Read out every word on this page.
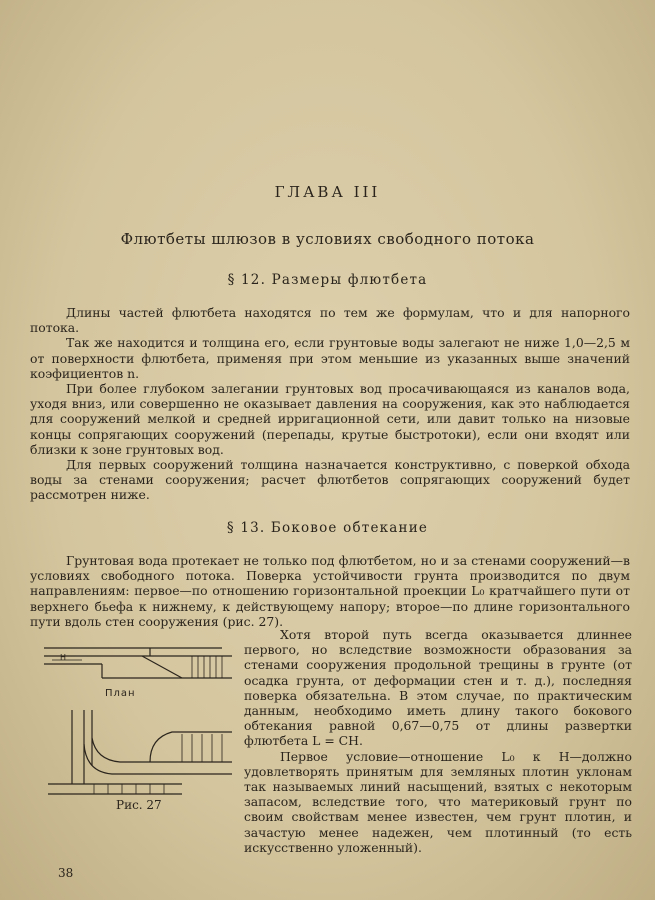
ГЛАВА III
Флютбеты шлюзов в условиях свободного потока
§ 12. Размеры флютбета

Длины частей флютбета находятся по тем же формулам, что и для напорного потока.

Так же находится и толщина его, если грунтовые воды залегают не ниже 1,0—2,5 м от поверхности флютбета, применяя при этом меньшие из указанных выше значений коэфициентов n.

При более глубоком залегании грунтовых вод просачивающаяся из каналов вода, уходя вниз, или совершенно не оказывает давления на сооружения, как это наблюдается для сооружений мелкой и средней ирригационной сети, или давит только на низовые концы сопрягающих сооружений (перепады, крутые быстротоки), если они входят или близки к зоне грунтовых вод.

Для первых сооружений толщина назначается конструктивно, с поверкой обхода воды за стенами сооружения; расчет флютбетов сопрягающих сооружений будет рассмотрен ниже.

§ 13. Боковое обтекание

Грунтовая вода протекает не только под флютбетом, но и за стенами сооружений—в условиях свободного потока. Поверка устойчивости грунта производится по двум направлениям: первое—по отношению горизонтальной проекции L₀ кратчайшего пути от верхнего бьефа к нижнему, к действующему напору; второе—по длине горизонтального пути вдоль стен сооружения (рис. 27).

H
План
Рис. 27

Хотя второй путь всегда оказывается длиннее первого, но вследствие возможности образования за стенами сооружения продольной трещины в грунте (от осадка грунта, от деформации стен и т. д.), последняя поверка обязательна. В этом случае, по практическим данным, необходимо иметь длину такого бокового обтекания равной 0,67—0,75 от длины развертки флютбета L = CH.

Первое условие—отношение L₀ к H—должно удовлетворять принятым для земляных плотин уклонам так называемых линий насыщений, взятых с некоторым запасом, вследствие того, что материковый грунт по своим свойствам менее известен, чем грунт плотин, и зачастую менее надежен, чем плотинный (то есть искусственно уложенный).

38
